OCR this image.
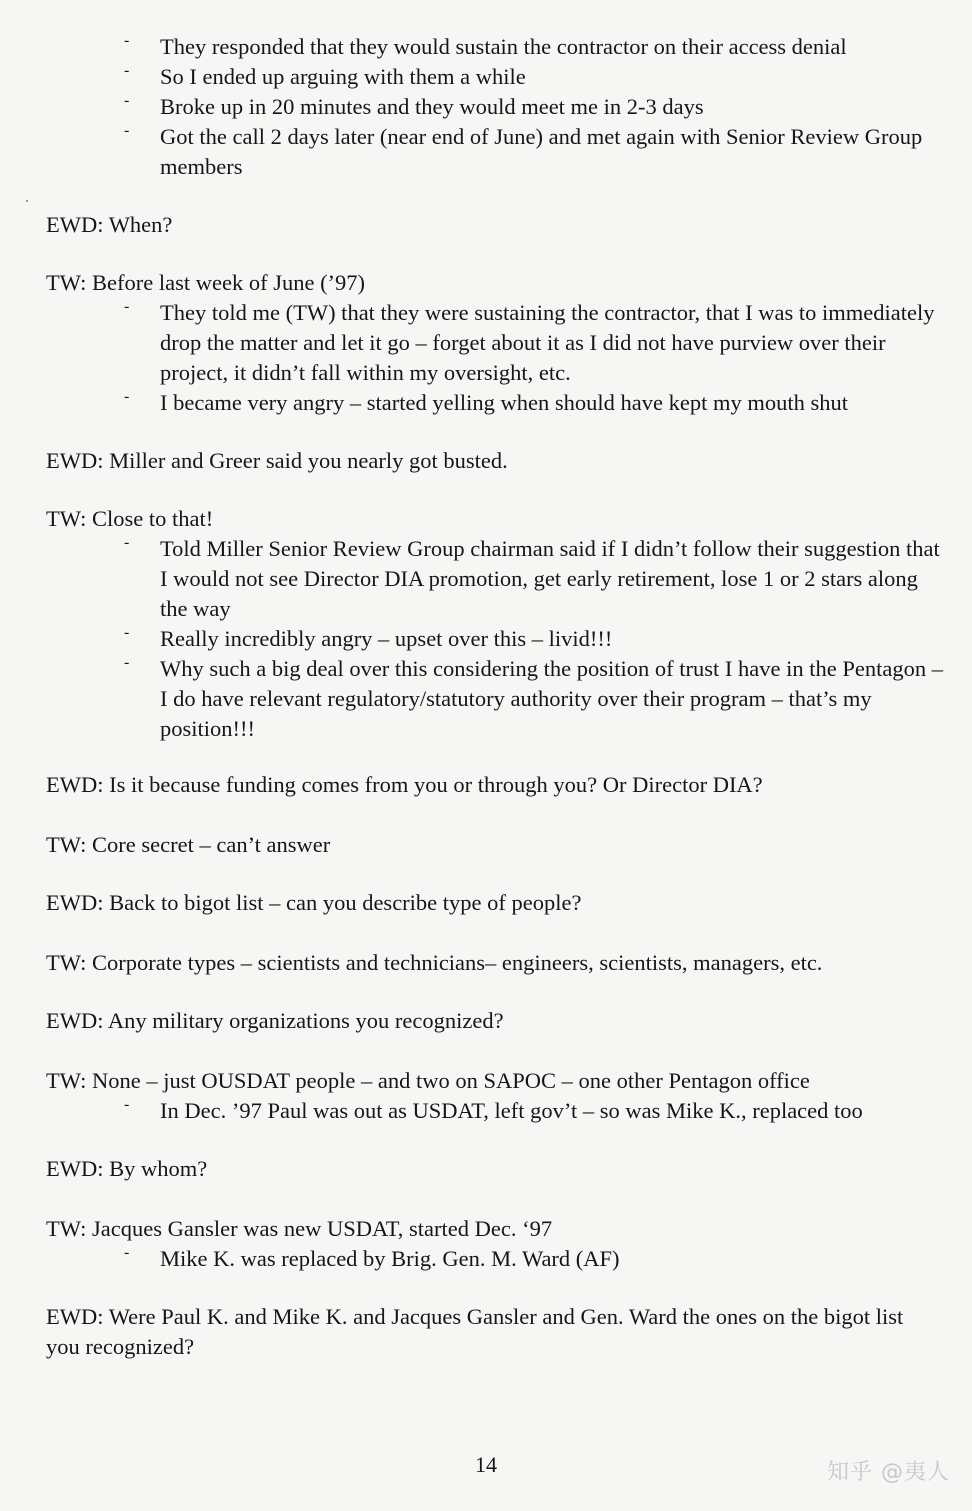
- They responded that they would sustain the contractor on their access denial
- So I ended up arguing with them a while
- Broke up in 20 minutes and they would meet me in 2-3 days
- Got the call 2 days later (near end of June) and met again with Senior Review Group members
EWD: When?
TW: Before last week of June (’97)
- They told me (TW) that they were sustaining the contractor, that I was to immediately drop the matter and let it go – forget about it as I did not have purview over their project, it didn’t fall within my oversight, etc.
- I became very angry – started yelling when should have kept my mouth shut
EWD: Miller and Greer said you nearly got busted.
TW: Close to that!
- Told Miller Senior Review Group chairman said if I didn’t follow their suggestion that I would not see Director DIA promotion, get early retirement, lose 1 or 2 stars along the way
- Really incredibly angry – upset over this – livid!!!
- Why such a big deal over this considering the position of trust I have in the Pentagon – I do have relevant regulatory/statutory authority over their program – that’s my position!!!
EWD: Is it because funding comes from you or through you? Or Director DIA?
TW: Core secret – can’t answer
EWD: Back to bigot list – can you describe type of people?
TW: Corporate types – scientists and technicians– engineers, scientists, managers, etc.
EWD: Any military organizations you recognized?
TW: None – just OUSDAT people – and two on SAPOC – one other Pentagon office
- In Dec. ’97 Paul was out as USDAT, left gov’t – so was Mike K., replaced too
EWD: By whom?
TW: Jacques Gansler was new USDAT, started Dec. ‘97
- Mike K. was replaced by Brig. Gen. M. Ward (AF)
EWD: Were Paul K. and Mike K. and Jacques Gansler and Gen. Ward the ones on the bigot list you recognized?
14	知乎 @夷人
